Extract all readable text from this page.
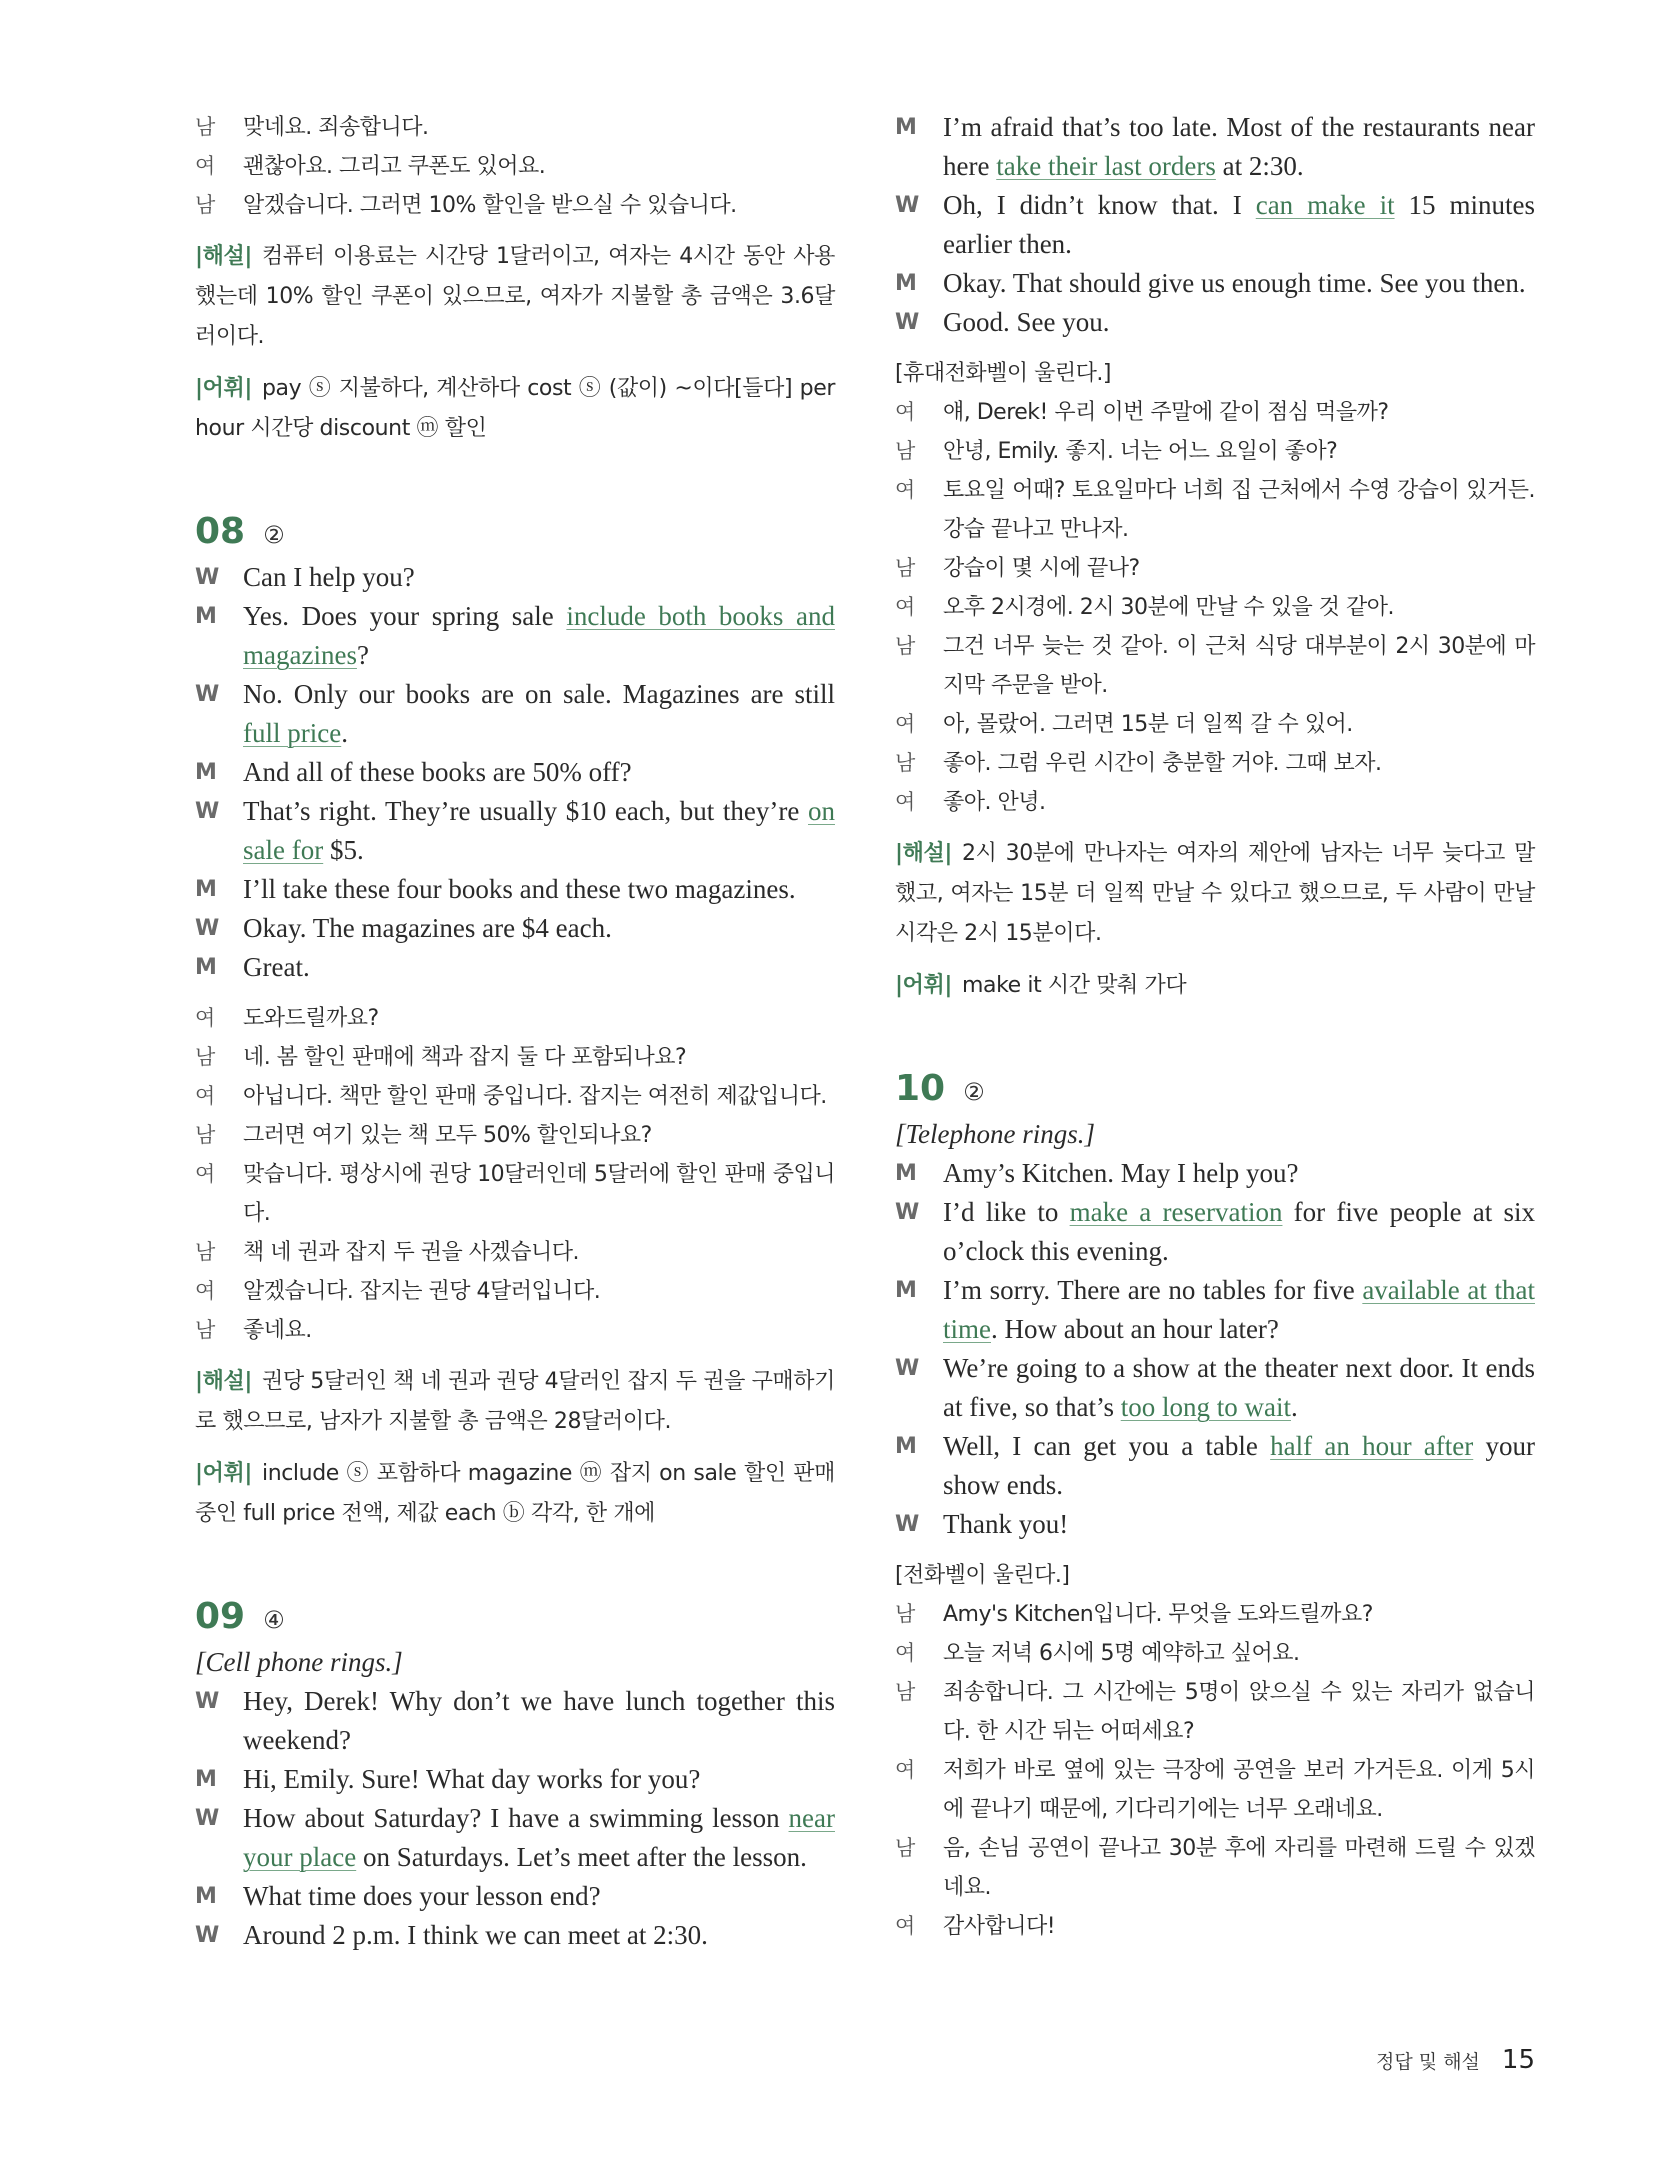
남	맞네요. 죄송합니다.
여	괜찮아요. 그리고 쿠폰도 있어요.
남	알겠습니다. 그러면 10% 할인을 받으실 수 있습니다.
|해설| 컴퓨터 이용료는 시간당 1달러이고, 여자는 4시간 동안 사용했는데 10% 할인 쿠폰이 있으므로, 여자가 지불할 총 금액은 3.6달러이다.
|어휘| pay ⓢ 지불하다, 계산하다 cost ⓢ (값이) ~이다[들다] per hour 시간당 discount ⓜ 할인
08 ②
W Can I help you?
M Yes. Does your spring sale include both books and magazines?
W No. Only our books are on sale. Magazines are still full price.
M And all of these books are 50% off?
W That’s right. They’re usually $10 each, but they’re on sale for $5.
M I’ll take these four books and these two magazines.
W Okay. The magazines are $4 each.
M Great.
여	도와드릴까요?
남	네. 봄 할인 판매에 책과 잡지 둘 다 포함되나요?
여	아닙니다. 책만 할인 판매 중입니다. 잡지는 여전히 제값입니다.
남	그러면 여기 있는 책 모두 50% 할인되나요?
여	맞습니다. 평상시에 권당 10달러인데 5달러에 할인 판매 중입니다.
남	책 네 권과 잡지 두 권을 사겠습니다.
여	알겠습니다. 잡지는 권당 4달러입니다.
남	좋네요.
|해설| 권당 5달러인 책 네 권과 권당 4달러인 잡지 두 권을 구매하기로 했으므로, 남자가 지불할 총 금액은 28달러이다.
|어휘| include ⓢ 포함하다 magazine ⓜ 잡지 on sale 할인 판매 중인 full price 전액, 제값 each ⓑ 각각, 한 개에
09 ④
[Cell phone rings.]
W Hey, Derek! Why don’t we have lunch together this weekend?
M Hi, Emily. Sure! What day works for you?
W How about Saturday? I have a swimming lesson near your place on Saturdays. Let’s meet after the lesson.
M What time does your lesson end?
W Around 2 p.m. I think we can meet at 2:30.
M I’m afraid that’s too late. Most of the restaurants near here take their last orders at 2:30.
W Oh, I didn’t know that. I can make it 15 minutes earlier then.
M Okay. That should give us enough time. See you then.
W Good. See you.
[휴대전화벨이 울린다.]
여	얘, Derek! 우리 이번 주말에 같이 점심 먹을까?
남	안녕, Emily. 좋지. 너는 어느 요일이 좋아?
여	토요일 어때? 토요일마다 너희 집 근처에서 수영 강습이 있거든. 강습 끝나고 만나자.
남	강습이 몇 시에 끝나?
여	오후 2시경에. 2시 30분에 만날 수 있을 것 같아.
남	그건 너무 늦는 것 같아. 이 근처 식당 대부분이 2시 30분에 마지막 주문을 받아.
여	아, 몰랐어. 그러면 15분 더 일찍 갈 수 있어.
남	좋아. 그럼 우린 시간이 충분할 거야. 그때 보자.
여	좋아. 안녕.
|해설| 2시 30분에 만나자는 여자의 제안에 남자는 너무 늦다고 말했고, 여자는 15분 더 일찍 만날 수 있다고 했으므로, 두 사람이 만날 시각은 2시 15분이다.
|어휘| make it 시간 맞춰 가다
10 ②
[Telephone rings.]
M Amy’s Kitchen. May I help you?
W I’d like to make a reservation for five people at six o’clock this evening.
M I’m sorry. There are no tables for five available at that time. How about an hour later?
W We’re going to a show at the theater next door. It ends at five, so that’s too long to wait.
M Well, I can get you a table half an hour after your show ends.
W Thank you!
[전화벨이 울린다.]
남	Amy's Kitchen입니다. 무엇을 도와드릴까요?
여	오늘 저녁 6시에 5명 예약하고 싶어요.
남	죄송합니다. 그 시간에는 5명이 앉으실 수 있는 자리가 없습니다. 한 시간 뒤는 어떠세요?
여	저희가 바로 옆에 있는 극장에 공연을 보러 가거든요. 이게 5시에 끝나기 때문에, 기다리기에는 너무 오래네요.
남	음, 손님 공연이 끝나고 30분 후에 자리를 마련해 드릴 수 있겠네요.
여	감사합니다!
정답 및 해설 15
